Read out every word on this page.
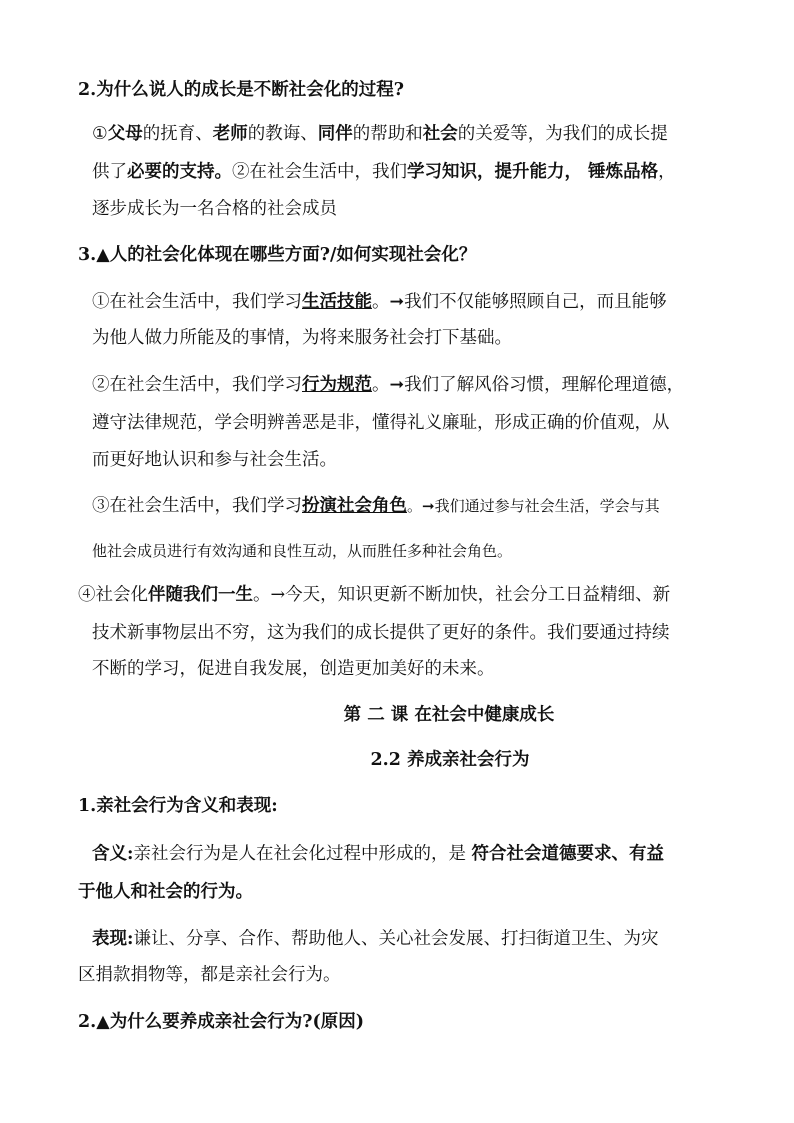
2.为什么说人的成长是不断社会化的过程?
①父母的抚育、老师的教诲、同伴的帮助和社会的关爱等，为我们的成长提
供了必要的支持。②在社会生活中，我们学习知识，提升能力， 锤炼品格，
逐步成长为一名合格的社会成员
3.▲人的社会化体现在哪些方面?/如何实现社会化？
①在社会生活中，我们学习生活技能。➞我们不仅能够照顾自己，而且能够
为他人做力所能及的事情，为将来服务社会打下基础。
②在社会生活中，我们学习行为规范。➞我们了解风俗习惯，理解伦理道德，
遵守法律规范，学会明辨善恶是非，懂得礼义廉耻，形成正确的价值观，从
而更好地认识和参与社会生活。
③在社会生活中，我们学习扮演社会角色。➞我们通过参与社会生活，学会与其
他社会成员进行有效沟通和良性互动，从而胜任多种社会角色。
④社会化伴随我们一生。→今天，知识更新不断加快，社会分工日益精细、新
技术新事物层出不穷，这为我们的成长提供了更好的条件。我们要通过持续
不断的学习，促进自我发展，创造更加美好的未来。
第 二 课 在社会中健康成长
2.2 养成亲社会行为
1.亲社会行为含义和表现:
含义:亲社会行为是人在社会化过程中形成的，是 符合社会道德要求、有益
于他人和社会的行为。
表现:谦让、分享、合作、帮助他人、关心社会发展、打扫街道卫生、为灾
区捐款捐物等，都是亲社会行为。
2.▲为什么要养成亲社会行为?(原因)
